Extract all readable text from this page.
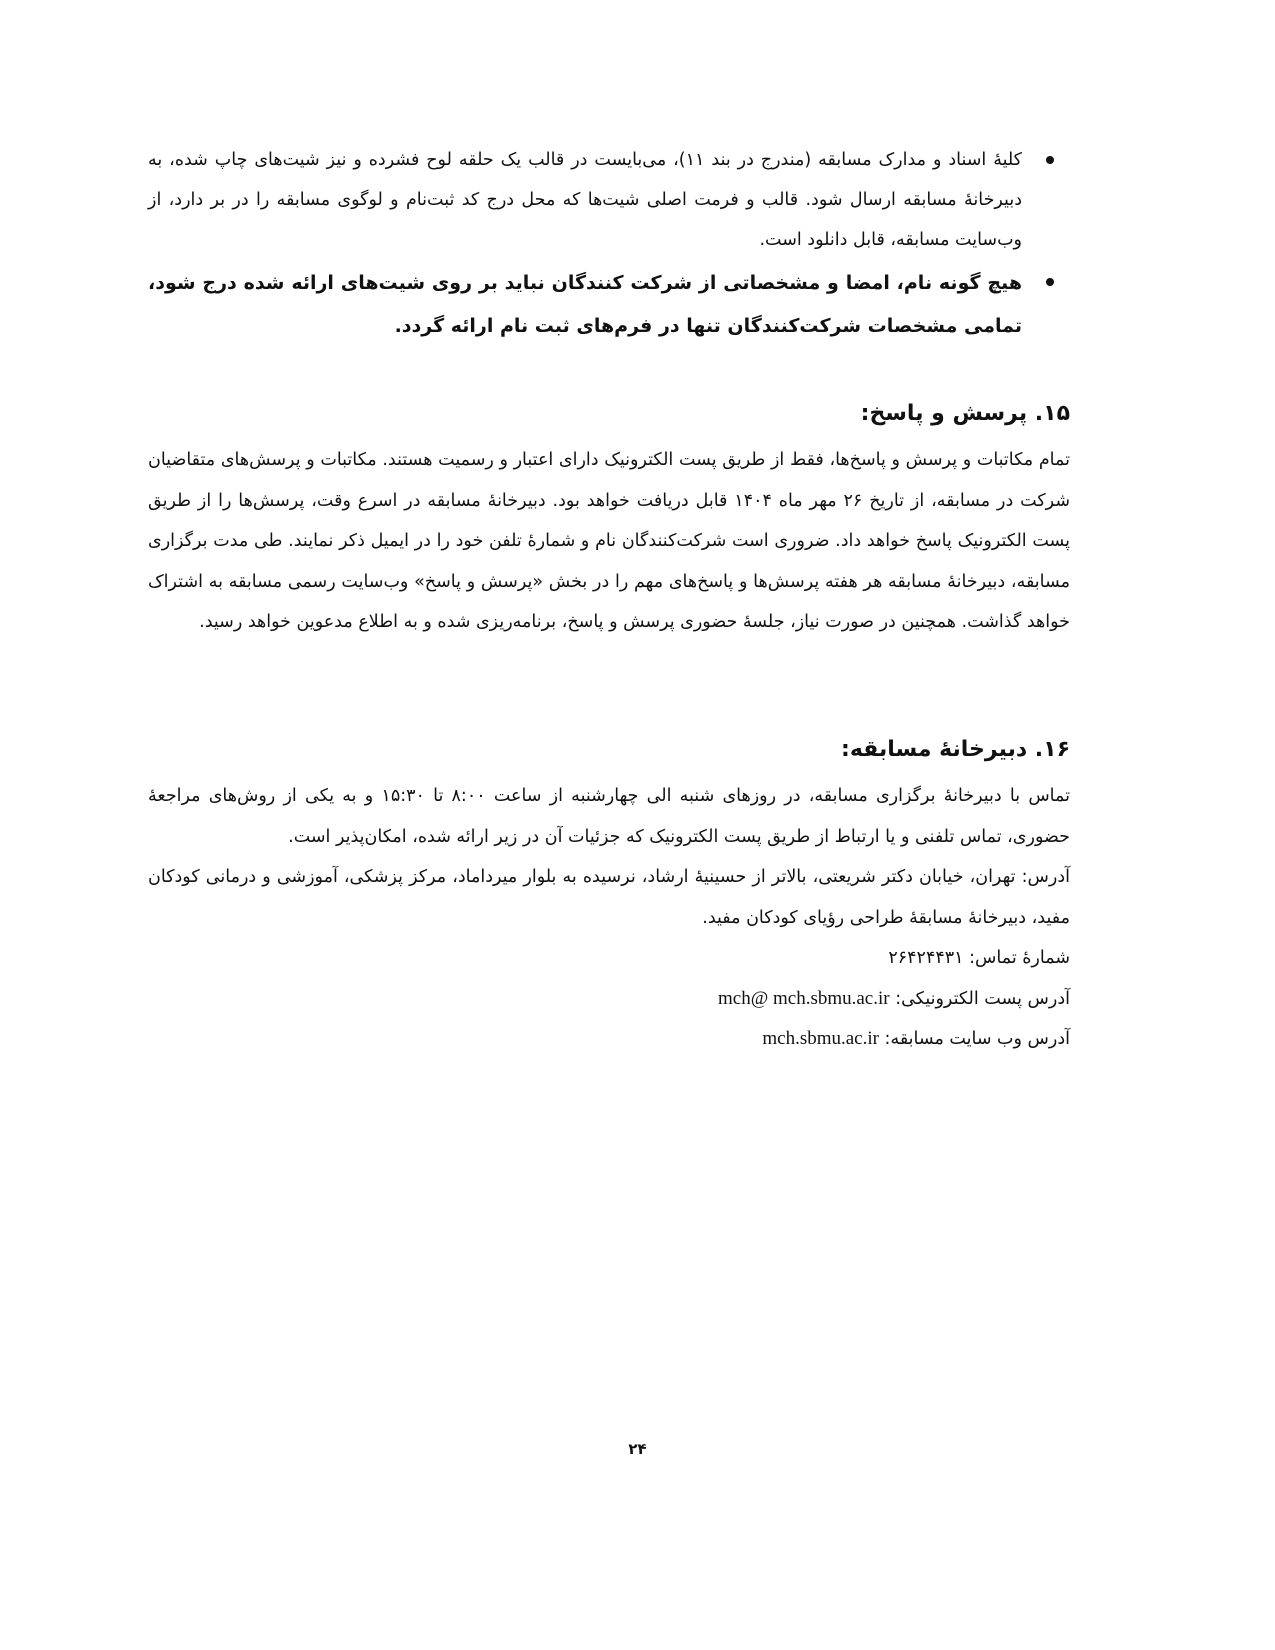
کلیهٔ اسناد و مدارک مسابقه (مندرج در بند ۱۱)، می‌بایست در قالب یک حلقه لوح فشرده و نیز شیت‌های چاپ شده، به دبیرخانهٔ مسابقه ارسال شود. قالب و فرمت اصلی شیت‌ها که محل درج کد ثبت‌نام و لوگوی مسابقه را در بر دارد، از وب‌سایت مسابقه، قابل دانلود است.
هیچ گونه نام، امضا و مشخصاتی از شرکت کنندگان نباید بر روی شیت‌های ارائه شده درج شود، تمامی مشخصات شرکت‌کنندگان تنها در فرم‌های ثبت نام ارائه گردد.
۱۵. پرسش و پاسخ:

تمام مکاتبات و پرسش و پاسخ‌ها، فقط از طریق پست الکترونیک دارای اعتبار و رسمیت هستند. مکاتبات و پرسش‌های متقاضیان شرکت در مسابقه، از تاریخ ۲۶ مهر ماه ۱۴۰۴ قابل دریافت خواهد بود. دبیرخانهٔ مسابقه در اسرع وقت، پرسش‌ها را از طریق پست الکترونیک پاسخ خواهد داد. ضروری است شرکت‌کنندگان نام و شمارهٔ تلفن خود را در ایمیل ذکر نمایند. طی مدت برگزاری مسابقه، دبیرخانهٔ مسابقه هر هفته پرسش‌ها و پاسخ‌های مهم را در بخش «پرسش و پاسخ» وب‌سایت رسمی مسابقه به اشتراک خواهد گذاشت. همچنین در صورت نیاز، جلسهٔ حضوری پرسش و پاسخ، برنامه‌ریزی شده و به اطلاع مدعوین خواهد رسید.

۱۶. دبیرخانهٔ مسابقه:

تماس با دبیرخانهٔ برگزاری مسابقه، در روزهای شنبه الی چهارشنبه از ساعت ۸:۰۰ تا ۱۵:۳۰ و به یکی از روش‌های مراجعهٔ حضوری، تماس تلفنی و یا ارتباط از طریق پست الکترونیک که جزئیات آن در زیر ارائه شده، امکان‌پذیر است.

آدرس: تهران، خیابان دکتر شریعتی، بالاتر از حسینیهٔ ارشاد، نرسیده به بلوار میرداماد، مرکز پزشکی، آموزشی و درمانی کودکان مفید، دبیرخانهٔ مسابقهٔ طراحی رؤیای کودکان مفید.

شمارهٔ تماس: ۲۶۴۲۴۴۳۱

آدرس پست الکترونیکی: mch@ mch.sbmu.ac.ir

آدرس وب سایت مسابقه: mch.sbmu.ac.ir

۲۴
